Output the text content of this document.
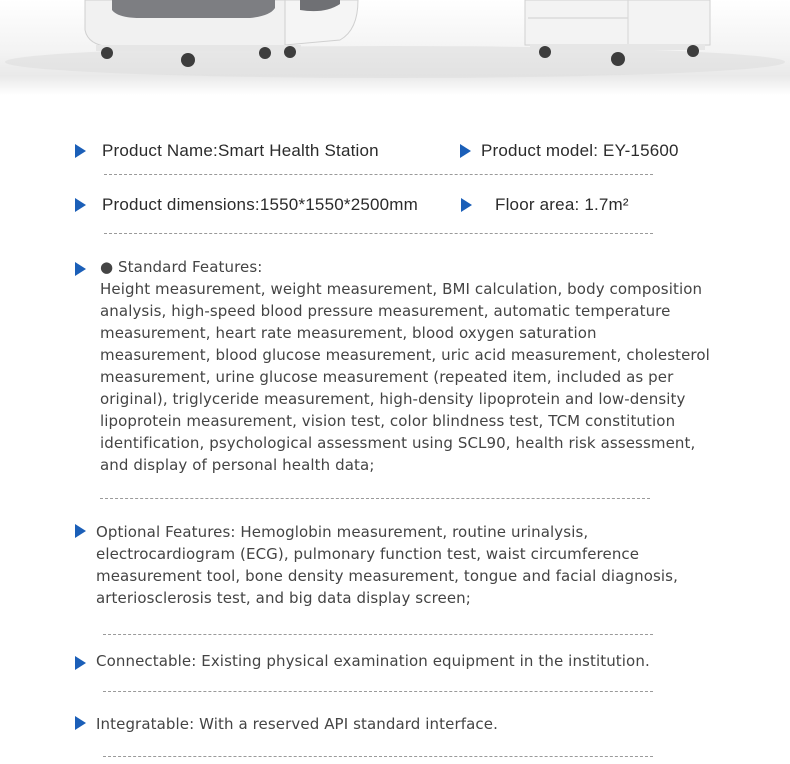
Product Name:Smart Health Station	Product model: EY-15600
Product dimensions:1550*1550*2500mm	Floor area: 1.7m²
● Standard Features:
Height measurement, weight measurement, BMI calculation, body composition analysis, high-speed blood pressure measurement, automatic temperature measurement, heart rate measurement, blood oxygen saturation measurement, blood glucose measurement, uric acid measurement, cholesterol measurement, urine glucose measurement (repeated item, included as per original), triglyceride measurement, high-density lipoprotein and low-density lipoprotein measurement, vision test, color blindness test, TCM constitution identification, psychological assessment using SCL90, health risk assessment, and display of personal health data;
Optional Features: Hemoglobin measurement, routine urinalysis, electrocardiogram (ECG), pulmonary function test, waist circumference measurement tool, bone density measurement, tongue and facial diagnosis, arteriosclerosis test, and big data display screen;
Connectable: Existing physical examination equipment in the institution.
Integratable: With a reserved API standard interface.
